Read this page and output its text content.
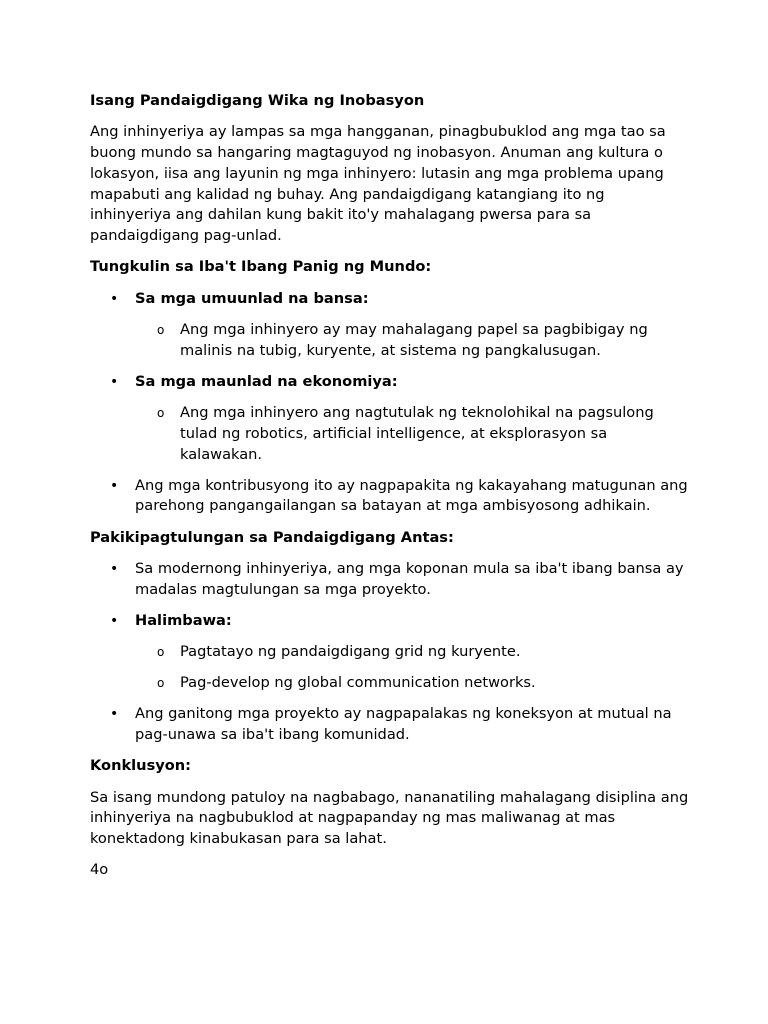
Isang Pandaigdigang Wika ng Inobasyon

Ang inhinyeriya ay lampas sa mga hangganan, pinagbubuklod ang mga tao sa buong mundo sa hangaring magtaguyod ng inobasyon. Anuman ang kultura o lokasyon, iisa ang layunin ng mga inhinyero: lutasin ang mga problema upang mapabuti ang kalidad ng buhay. Ang pandaigdigang katangiang ito ng inhinyeriya ang dahilan kung bakit ito'y mahalagang pwersa para sa pandaigdigang pag-unlad.

Tungkulin sa Iba't Ibang Panig ng Mundo:
• Sa mga umuunlad na bansa:
o Ang mga inhinyero ay may mahalagang papel sa pagbibigay ng malinis na tubig, kuryente, at sistema ng pangkalusugan.
• Sa mga maunlad na ekonomiya:
o Ang mga inhinyero ang nagtutulak ng teknolohikal na pagsulong tulad ng robotics, artificial intelligence, at eksplorasyon sa kalawakan.
• Ang mga kontribusyong ito ay nagpapakita ng kakayahang matugunan ang parehong pangangailangan sa batayan at mga ambisyosong adhikain.
Pakikipagtulungan sa Pandaigdigang Antas:
• Sa modernong inhinyeriya, ang mga koponan mula sa iba't ibang bansa ay madalas magtulungan sa mga proyekto.
• Halimbawa:
o Pagtatayo ng pandaigdigang grid ng kuryente.
o Pag-develop ng global communication networks.
• Ang ganitong mga proyekto ay nagpapalakas ng koneksyon at mutual na pag-unawa sa iba't ibang komunidad.
Konklusyon:

Sa isang mundong patuloy na nagbabago, nananatiling mahalagang disiplina ang inhinyeriya na nagbubuklod at nagpapanday ng mas maliwanag at mas konektadong kinabukasan para sa lahat.

4o
